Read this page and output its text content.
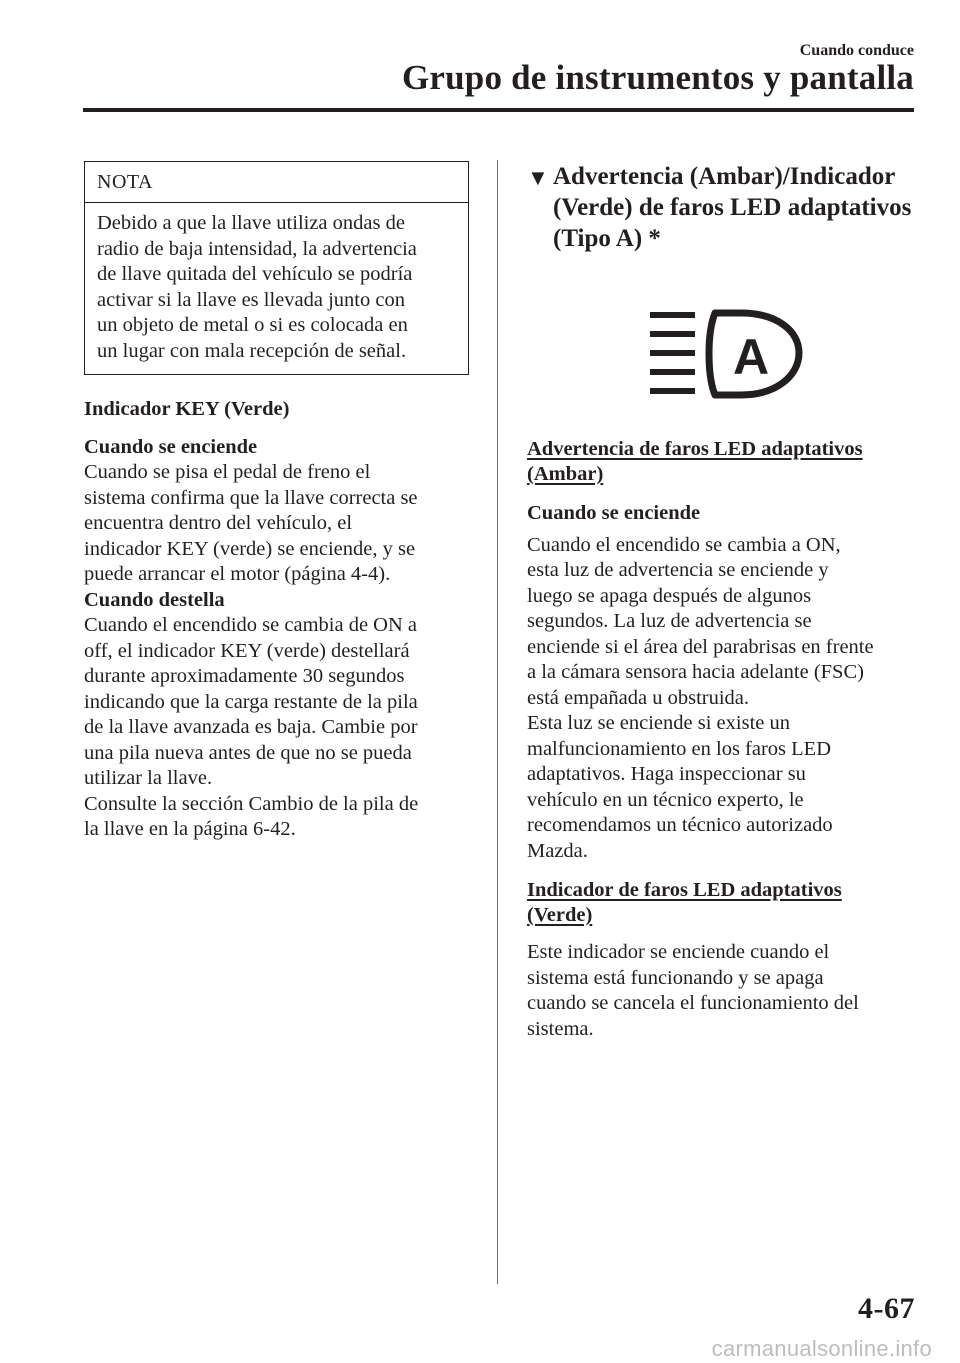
Cuando conduce
Grupo de instrumentos y pantalla
NOTA
Debido a que la llave utiliza ondas de
radio de baja intensidad, la advertencia
de llave quitada del vehículo se podría
activar si la llave es llevada junto con
un objeto de metal o si es colocada en
un lugar con mala recepción de señal.
Indicador KEY (Verde)
Cuando se enciende
Cuando se pisa el pedal de freno el
sistema confirma que la llave correcta se
encuentra dentro del vehículo, el
indicador KEY (verde) se enciende, y se
puede arrancar el motor (página 4-4).
Cuando destella
Cuando el encendido se cambia de ON a
off, el indicador KEY (verde) destellará
durante aproximadamente 30 segundos
indicando que la carga restante de la pila
de la llave avanzada es baja. Cambie por
una pila nueva antes de que no se pueda
utilizar la llave.
Consulte la sección Cambio de la pila de
la llave en la página 6-42.
▼ Advertencia (Ambar)/Indicador
(Verde) de faros LED adaptativos
(Tipo A) *
A
Advertencia de faros LED adaptativos
(Ambar)
Cuando se enciende
Cuando el encendido se cambia a ON,
esta luz de advertencia se enciende y
luego se apaga después de algunos
segundos. La luz de advertencia se
enciende si el área del parabrisas en frente
a la cámara sensora hacia adelante (FSC)
está empañada u obstruida.
Esta luz se enciende si existe un
malfuncionamiento en los faros LED
adaptativos. Haga inspeccionar su
vehículo en un técnico experto, le
recomendamos un técnico autorizado
Mazda.
Indicador de faros LED adaptativos
(Verde)
Este indicador se enciende cuando el
sistema está funcionando y se apaga
cuando se cancela el funcionamiento del
sistema.
4-67
carmanualsonline.info
